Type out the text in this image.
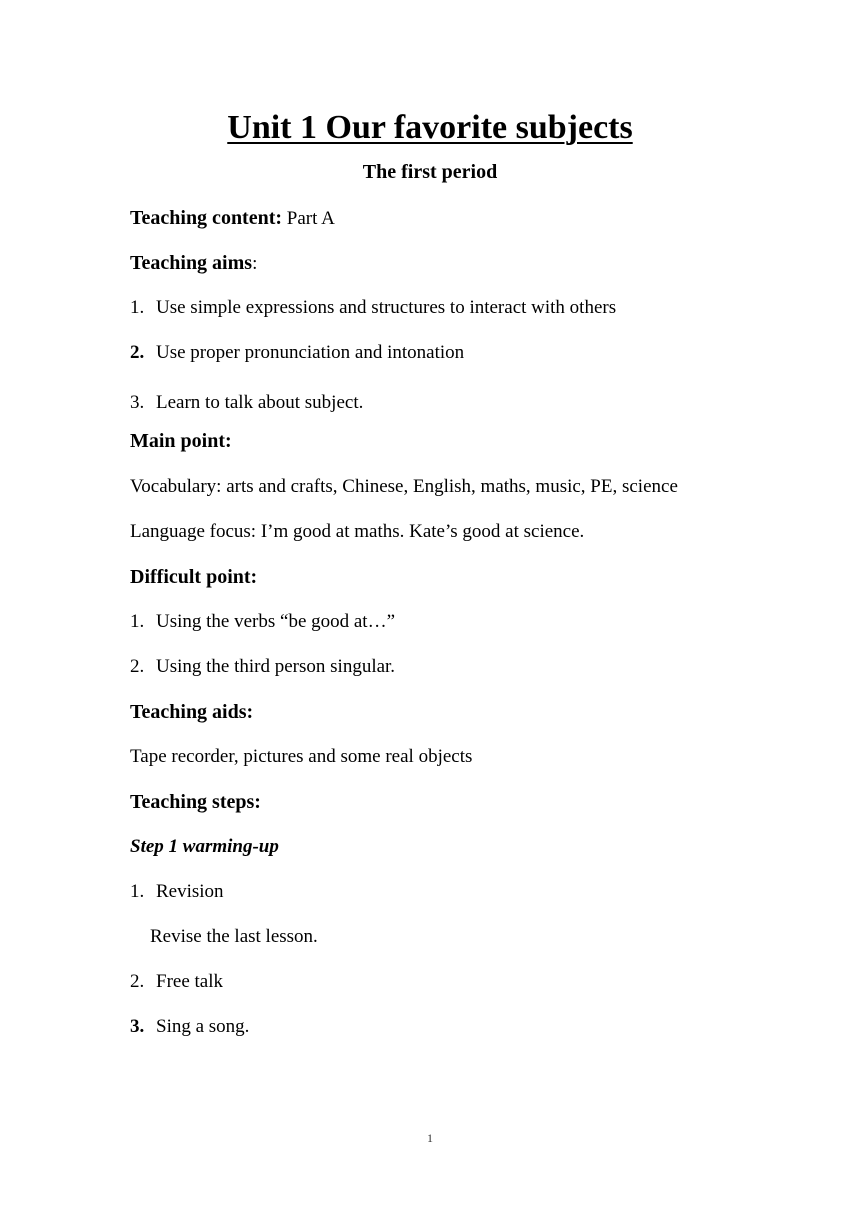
Unit 1 Our favorite subjects
The first period
Teaching content: Part A
Teaching aims:
1. Use simple expressions and structures to interact with others
2. Use proper pronunciation and intonation
3. Learn to talk about subject.
Main point:
Vocabulary: arts and crafts, Chinese, English, maths, music, PE, science
Language focus: I’m good at maths. Kate’s good at science.
Difficult point:
1. Using the verbs “be good at…”
2. Using the third person singular.
Teaching aids:
Tape recorder, pictures and some real objects
Teaching steps:
Step 1 warming-up
1. Revision
Revise the last lesson.
2. Free talk
3. Sing a song.
1
